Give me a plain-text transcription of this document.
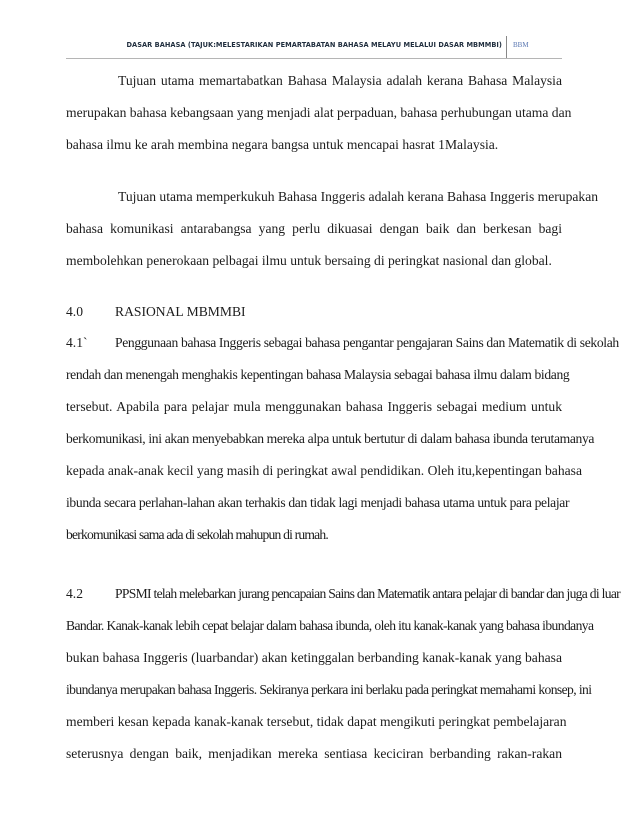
DASAR BAHASA (TAJUK:MELESTARIKAN PEMARTABATAN BAHASA MELAYU MELALUI DASAR MBMMBI) BBM
Tujuan utama memartabatkan Bahasa Malaysia adalah kerana Bahasa Malaysia
merupakan bahasa kebangsaan yang menjadi alat perpaduan, bahasa perhubungan utama dan
bahasa ilmu ke arah membina negara bangsa untuk mencapai hasrat 1Malaysia.
Tujuan utama memperkukuh Bahasa Inggeris adalah kerana Bahasa Inggeris merupakan
bahasa komunikasi antarabangsa yang perlu dikuasai dengan baik dan berkesan bagi
membolehkan penerokaan pelbagai ilmu untuk bersaing di peringkat nasional dan global.
4.0 RASIONAL MBMMBI
4.1` Penggunaan bahasa Inggeris sebagai bahasa pengantar pengajaran Sains dan Matematik di sekolah
rendah dan menengah menghakis kepentingan bahasa Malaysia sebagai bahasa ilmu dalam bidang
tersebut. Apabila para pelajar mula menggunakan bahasa Inggeris sebagai medium untuk
berkomunikasi, ini akan menyebabkan mereka alpa untuk bertutur di dalam bahasa ibunda terutamanya
kepada anak-anak kecil yang masih di peringkat awal pendidikan. Oleh itu,kepentingan bahasa
ibunda secara perlahan-lahan akan terhakis dan tidak lagi menjadi bahasa utama untuk para pelajar
berkomunikasi sama ada di sekolah mahupun di rumah.
4.2 PPSMI telah melebarkan jurang pencapaian Sains dan Matematik antara pelajar di bandar dan juga di luar
Bandar. Kanak-kanak lebih cepat belajar dalam bahasa ibunda, oleh itu kanak-kanak yang bahasa ibundanya
bukan bahasa Inggeris (luarbandar) akan ketinggalan berbanding kanak-kanak yang bahasa
ibundanya merupakan bahasa Inggeris. Sekiranya perkara ini berlaku pada peringkat memahami konsep, ini
memberi kesan kepada kanak-kanak tersebut, tidak dapat mengikuti peringkat pembelajaran
seterusnya dengan baik, menjadikan mereka sentiasa keciciran berbanding rakan-rakan
